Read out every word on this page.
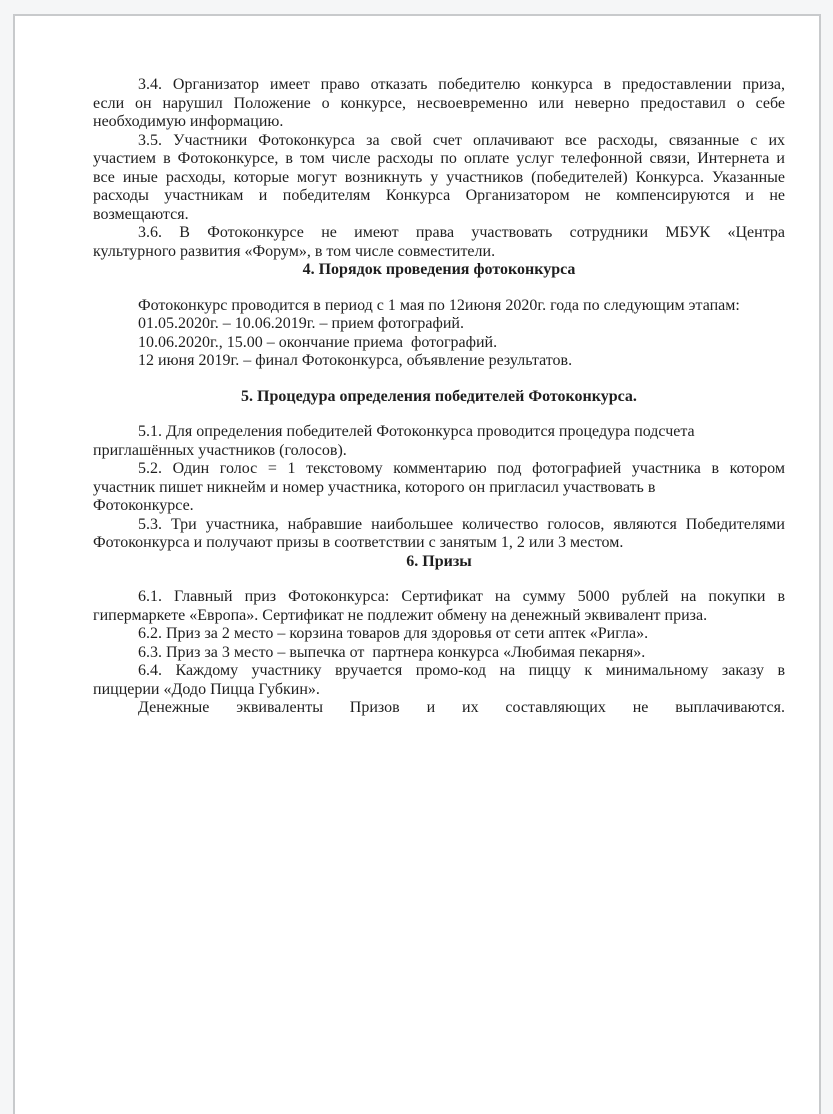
3.4. Организатор имеет право отказать победителю конкурса в предоставлении приза,
если он нарушил Положение о конкурсе, несвоевременно или неверно предоставил о себе
необходимую информацию.
3.5. Участники Фотоконкурса за свой счет оплачивают все расходы, связанные с их
участием в Фотоконкурсе, в том числе расходы по оплате услуг телефонной связи, Интернета и
все иные расходы, которые могут возникнуть у участников (победителей) Конкурса. Указанные
расходы участникам и победителям Конкурса Организатором не компенсируются и не
возмещаются.
3.6. В Фотоконкурсе не имеют права участвовать сотрудники МБУК «Центра
культурного развития «Форум», в том числе совместители.
4. Порядок проведения фотоконкурса
Фотоконкурс проводится в период с 1 мая по 12июня 2020г. года по следующим этапам:
01.05.2020г. – 10.06.2019г. – прием фотографий.
10.06.2020г., 15.00 – окончание приема  фотографий.
12 июня 2019г. – финал Фотоконкурса, объявление результатов.
5. Процедура определения победителей Фотоконкурса.
5.1. Для определения победителей Фотоконкурса проводится процедура подсчета
приглашённых участников (голосов).
5.2. Один голос = 1 текстовому комментарию под фотографией участника в котором
участник пишет никнейм и номер участника, которого он пригласил участвовать в
Фотоконкурсе.
5.3. Три участника, набравшие наибольшее количество голосов, являются Победителями
Фотоконкурса и получают призы в соответствии с занятым 1, 2 или 3 местом.
6. Призы
6.1. Главный приз Фотоконкурса: Сертификат на сумму 5000 рублей на покупки в
гипермаркете «Европа». Сертификат не подлежит обмену на денежный эквивалент приза.
6.2. Приз за 2 место – корзина товаров для здоровья от сети аптек «Ригла».
6.3. Приз за 3 место – выпечка от  партнера конкурса «Любимая пекарня».
6.4. Каждому участнику вручается промо-код на пиццу к минимальному заказу в
пиццерии «Додо Пицца Губкин».
Денежные эквиваленты Призов и их составляющих не выплачиваются.
